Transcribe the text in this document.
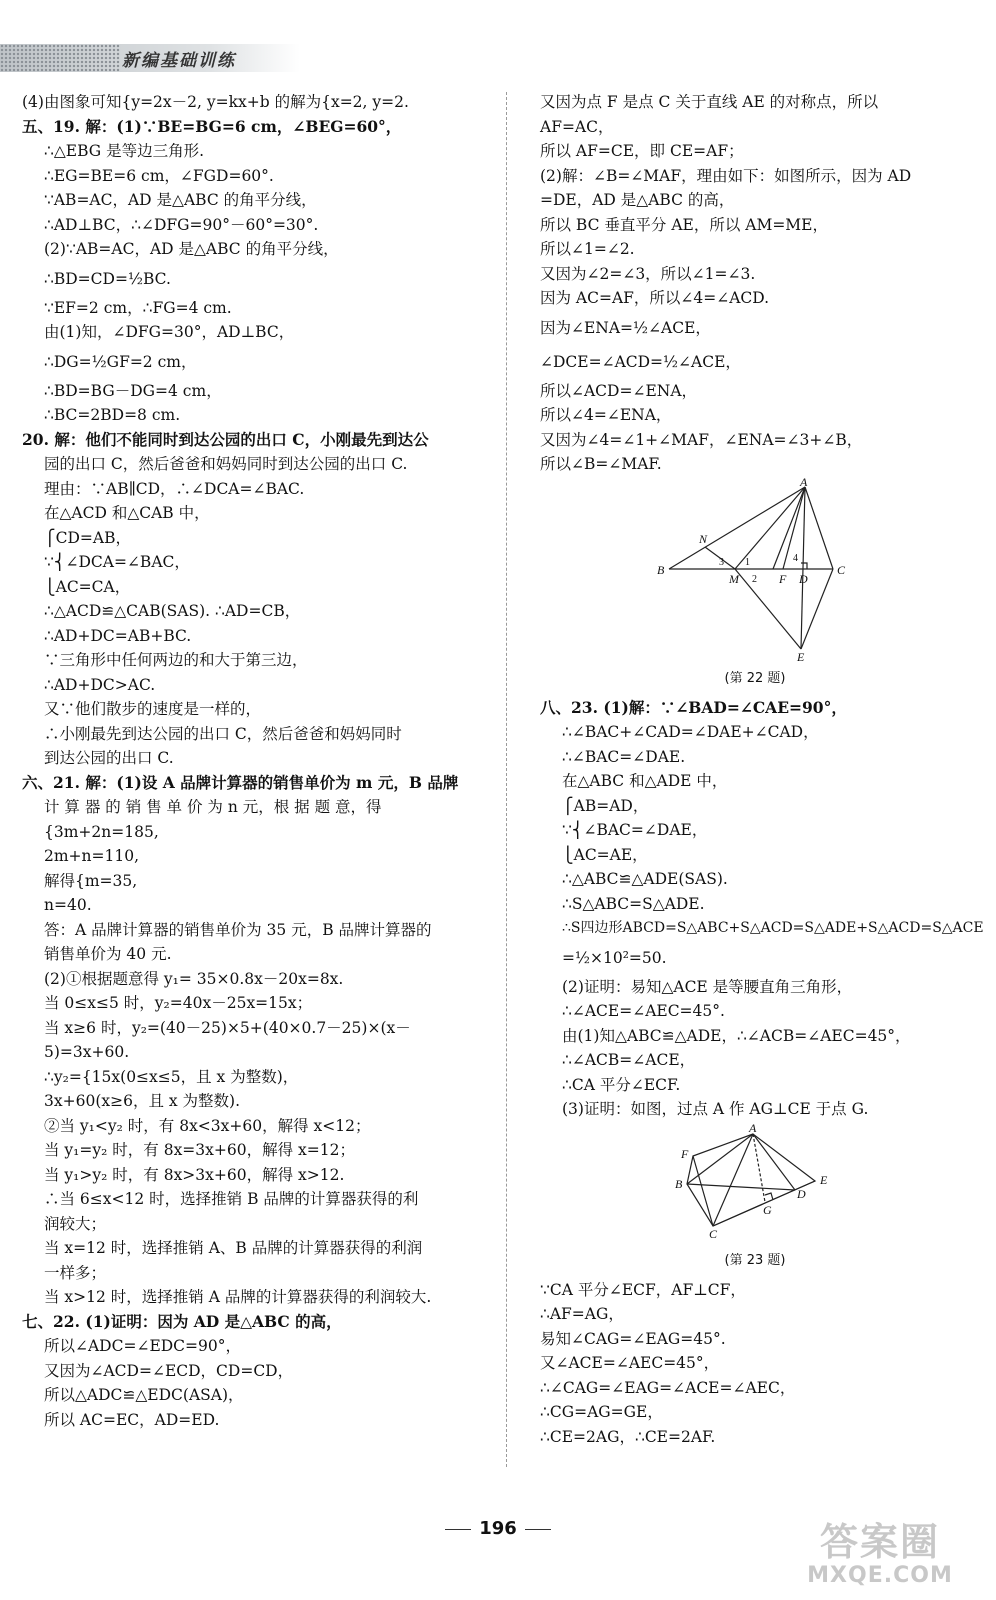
新编基础训练
(4)由图象可知{y=2x－2, y=kx+b 的解为{x=2, y=2.
五、19. 解：(1)∵BE=BG=6 cm，∠BEG=60°，
∴△EBG 是等边三角形.
∴EG=BE=6 cm，∠FGD=60°.
∵AB=AC，AD 是△ABC 的角平分线，
∴AD⊥BC，∴∠DFG=90°－60°=30°.
(2)∵AB=AC，AD 是△ABC 的角平分线，
∴BD=CD=½BC.
∵EF=2 cm，∴FG=4 cm.
由(1)知，∠DFG=30°，AD⊥BC，
∴DG=½GF=2 cm，
∴BD=BG－DG=4 cm，
∴BC=2BD=8 cm.
20. 解：他们不能同时到达公园的出口 C，小刚最先到达公
园的出口 C，然后爸爸和妈妈同时到达公园的出口 C.
理由：∵AB∥CD，∴∠DCA=∠BAC.
在△ACD 和△CAB 中，
⎧CD=AB，
∵⎨∠DCA=∠BAC，
⎩AC=CA，
∴△ACD≌△CAB(SAS). ∴AD=CB，
∴AD+DC=AB+BC.
∵三角形中任何两边的和大于第三边，
∴AD+DC>AC.
又∵他们散步的速度是一样的，
∴小刚最先到达公园的出口 C，然后爸爸和妈妈同时
到达公园的出口 C.
六、21. 解：(1)设 A 品牌计算器的销售单价为 m 元，B 品牌
计 算 器 的 销 售 单 价 为 n 元，根 据 题 意，得
{3m+2n=185,
2m+n=110,
解得{m=35,
n=40.
答：A 品牌计算器的销售单价为 35 元，B 品牌计算器的
销售单价为 40 元.
(2)①根据题意得 y₁= 35×0.8x－20x=8x.
当 0≤x≤5 时，y₂=40x－25x=15x；
当 x≥6 时，y₂=(40－25)×5+(40×0.7－25)×(x－
5)=3x+60.
∴y₂={15x(0≤x≤5，且 x 为整数)，
3x+60(x≥6，且 x 为整数).
②当 y₁<y₂ 时，有 8x<3x+60，解得 x<12；
当 y₁=y₂ 时，有 8x=3x+60，解得 x=12；
当 y₁>y₂ 时，有 8x>3x+60，解得 x>12.
∴当 6≤x<12 时，选择推销 B 品牌的计算器获得的利
润较大；
当 x=12 时，选择推销 A、B 品牌的计算器获得的利润
一样多；
当 x>12 时，选择推销 A 品牌的计算器获得的利润较大.
七、22. (1)证明：因为 AD 是△ABC 的高，
所以∠ADC=∠EDC=90°，
又因为∠ACD=∠ECD，CD=CD，
所以△ADC≌△EDC(ASA)，
所以 AC=EC，AD=ED.
又因为点 F 是点 C 关于直线 AE 的对称点，所以
AF=AC，
所以 AF=CE，即 CE=AF；
(2)解：∠B=∠MAF，理由如下：如图所示，因为 AD
=DE，AD 是△ABC 的高，
所以 BC 垂直平分 AE，所以 AM=ME，
所以∠1=∠2.
又因为∠2=∠3，所以∠1=∠3.
因为 AC=AF，所以∠4=∠ACD.
因为∠ENA=½∠ACE，
∠DCE=∠ACD=½∠ACE，
所以∠ACD=∠ENA，
所以∠4=∠ENA，
又因为∠4=∠1+∠MAF，∠ENA=∠3+∠B，
所以∠B=∠MAF.
A
B	C
D
E
M
N
F
1
2
3	4
(第 22 题)
八、23. (1)解：∵∠BAD=∠CAE=90°，
∴∠BAC+∠CAD=∠DAE+∠CAD，
∴∠BAC=∠DAE.
在△ABC 和△ADE 中，
⎧AB=AD，
∵⎨∠BAC=∠DAE，
⎩AC=AE，
∴△ABC≌△ADE(SAS).
∴S△ABC=S△ADE.
∴S四边形ABCD=S△ABC+S△ACD=S△ADE+S△ACD=S△ACE
=½×10²=50.
(2)证明：易知△ACE 是等腰直角三角形，
∴∠ACE=∠AEC=45°.
由(1)知△ABC≌△ADE，∴∠ACB=∠AEC=45°，
∴∠ACB=∠ACE，
∴CA 平分∠ECF.
(3)证明：如图，过点 A 作 AG⊥CE 于点 G.
A
B
C
D
E
F
G
(第 23 题)
∵CA 平分∠ECF，AF⊥CF，
∴AF=AG，
易知∠CAG=∠EAG=45°.
又∠ACE=∠AEC=45°，
∴∠CAG=∠EAG=∠ACE=∠AEC，
∴CG=AG=GE，
∴CE=2AG，∴CE=2AF.
196	答案圈
MXQE.COM
